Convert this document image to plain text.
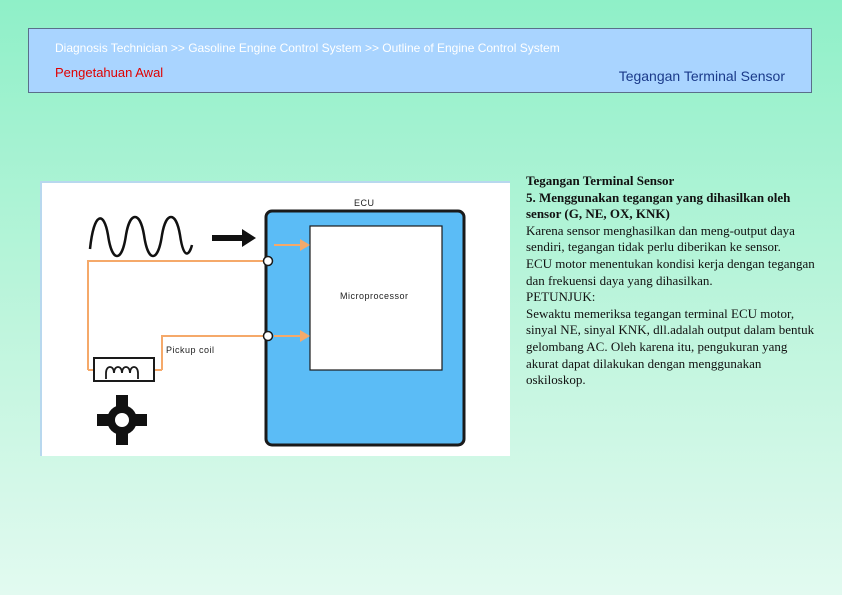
Diagnosis Technician >> Gasoline Engine Control System >> Outline of Engine Control System
Pengetahuan Awal	Tegangan Terminal Sensor
ECU
Microprocessor
Pickup coil

Tegangan Terminal Sensor

5. Menggunakan tegangan yang dihasilkan oleh sensor (G, NE, OX, KNK)

Karena sensor menghasilkan dan meng-output daya sendiri, tegangan tidak perlu diberikan ke sensor.

ECU motor menentukan kondisi kerja dengan tegangan dan frekuensi daya yang dihasilkan.

PETUNJUK:

Sewaktu memeriksa tegangan terminal ECU motor, sinyal NE, sinyal KNK, dll.adalah output dalam bentuk gelombang AC. Oleh karena itu, pengukuran yang akurat dapat dilakukan dengan menggunakan oskiloskop.
